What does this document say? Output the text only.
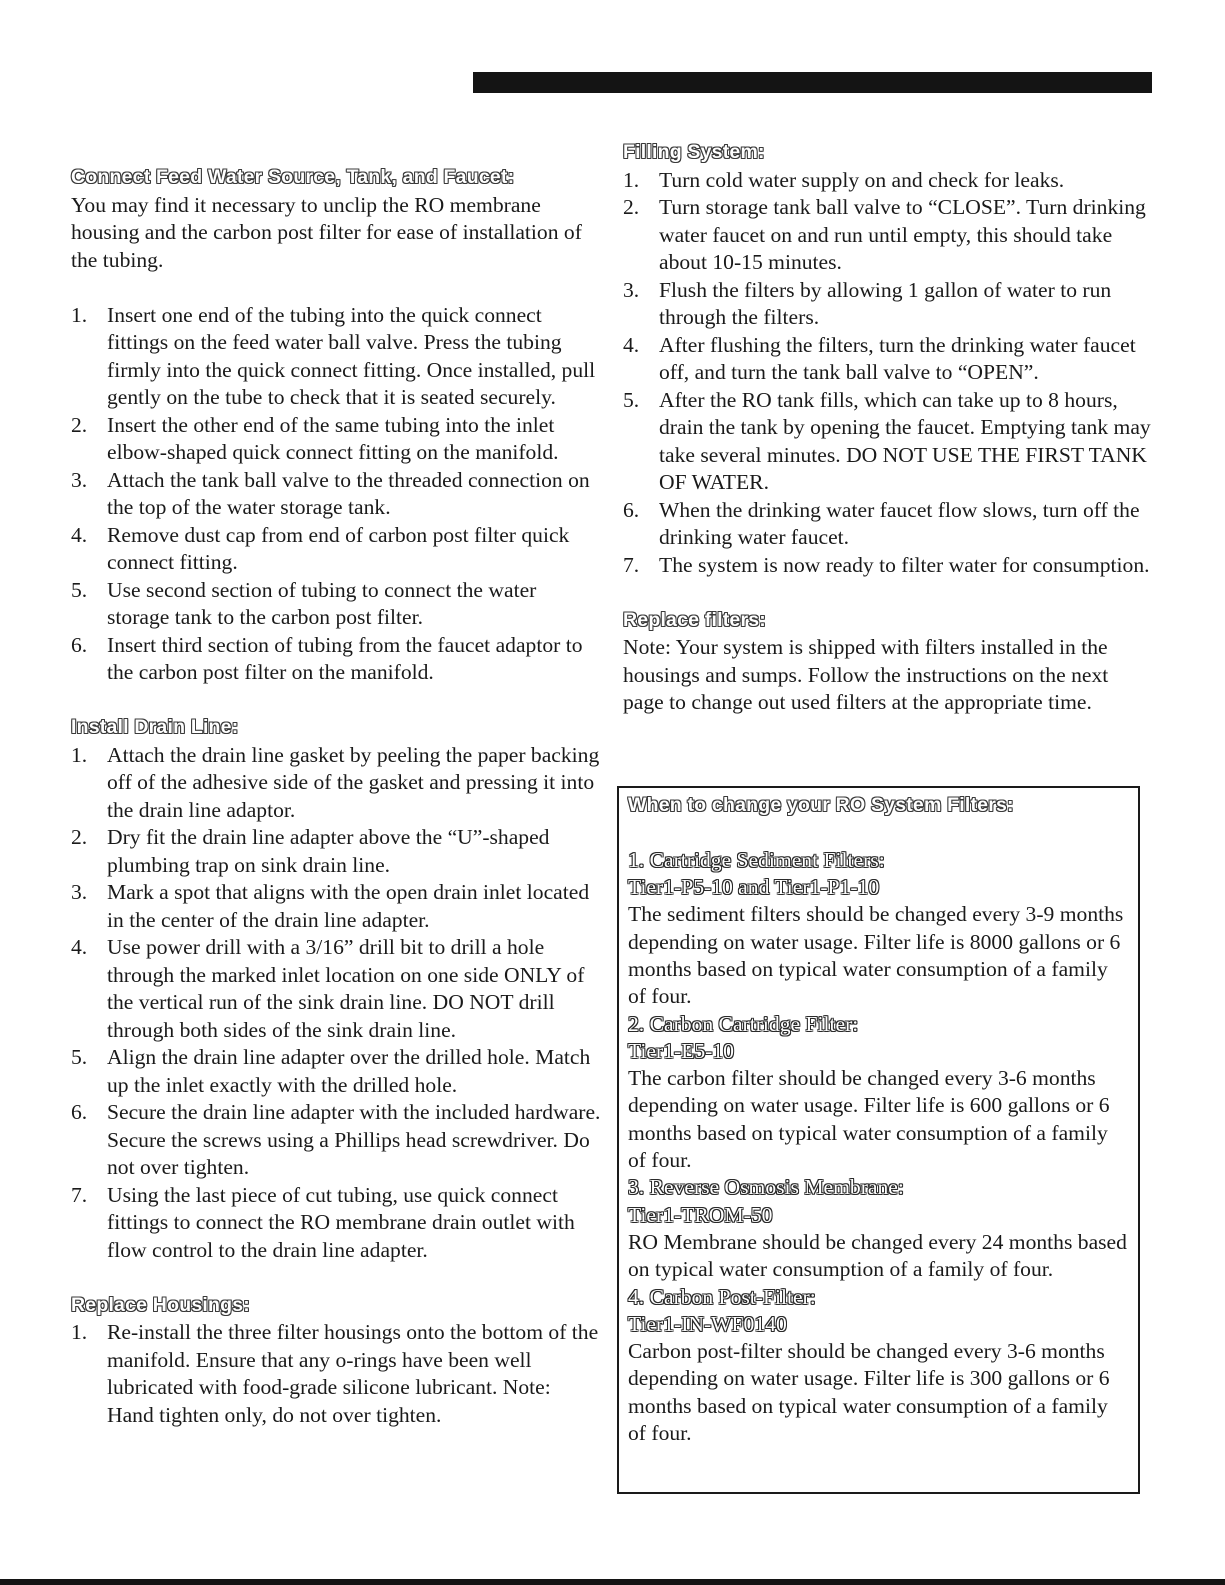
Connect Feed Water Source, Tank, and Faucet:

You may find it necessary to unclip the RO membrane housing and the carbon post filter for ease of installation of the tubing.

1. Insert one end of the tubing into the quick connect fittings on the feed water ball valve. Press the tubing firmly into the quick connect fitting. Once installed, pull gently on the tube to check that it is seated securely.
2. Insert the other end of the same tubing into the inlet elbow-shaped quick connect fitting on the manifold.
3. Attach the tank ball valve to the threaded connection on the top of the water storage tank.
4. Remove dust cap from end of carbon post filter quick connect fitting.
5. Use second section of tubing to connect the water storage tank to the carbon post filter.
6. Insert third section of tubing from the faucet adaptor to the carbon post filter on the manifold.
Install Drain Line:
1. Attach the drain line gasket by peeling the paper backing off of the adhesive side of the gasket and pressing it into the drain line adaptor.
2. Dry fit the drain line adapter above the “U”-shaped plumbing trap on sink drain line.
3. Mark a spot that aligns with the open drain inlet located in the center of the drain line adapter.
4. Use power drill with a 3/16” drill bit to drill a hole through the marked inlet location on one side ONLY of the vertical run of the sink drain line. DO NOT drill through both sides of the sink drain line.
5. Align the drain line adapter over the drilled hole. Match up the inlet exactly with the drilled hole.
6. Secure the drain line adapter with the included hardware. Secure the screws using a Phillips head screwdriver. Do not over tighten.
7. Using the last piece of cut tubing, use quick connect fittings to connect the RO membrane drain outlet with flow control to the drain line adapter.
Replace Housings:
1. Re-install the three filter housings onto the bottom of the manifold. Ensure that any o-rings have been well lubricated with food-grade silicone lubricant. Note: Hand tighten only, do not over tighten.
Filling System:
1. Turn cold water supply on and check for leaks.
2. Turn storage tank ball valve to “CLOSE”. Turn drinking water faucet on and run until empty, this should take about 10-15 minutes.
3. Flush the filters by allowing 1 gallon of water to run through the filters.
4. After flushing the filters, turn the drinking water faucet off, and turn the tank ball valve to “OPEN”.
5. After the RO tank fills, which can take up to 8 hours, drain the tank by opening the faucet. Emptying tank may take several minutes. DO NOT USE THE FIRST TANK OF WATER.
6. When the drinking water faucet flow slows, turn off the drinking water faucet.
7. The system is now ready to filter water for consumption.
Replace filters:

Note: Your system is shipped with filters installed in the housings and sumps. Follow the instructions on the next page to change out used filters at the appropriate time.

When to change your RO System Filters:
1. Cartridge Sediment Filters:
Tier1-P5-10 and Tier1-P1-10
The sediment filters should be changed every 3-9 months depending on water usage. Filter life is 8000 gallons or 6 months based on typical water consumption of a family of four.
2. Carbon Cartridge Filter:
Tier1-E5-10
The carbon filter should be changed every 3-6 months depending on water usage. Filter life is 600 gallons or 6 months based on typical water consumption of a family of four.
3. Reverse Osmosis Membrane:
Tier1-TROM-50
RO Membrane should be changed every 24 months based on typical water consumption of a family of four.
4. Carbon Post-Filter:
Tier1-IN-WF0140
Carbon post-filter should be changed every 3-6 months depending on water usage. Filter life is 300 gallons or 6 months based on typical water consumption of a family of four.
